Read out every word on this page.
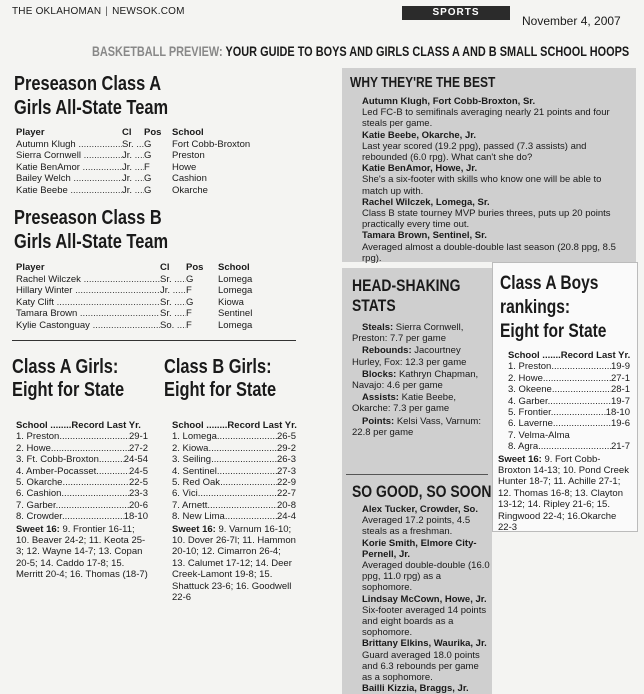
THE OKLAHOMAN | NEWSOK.COM	SPORTS
November 4, 2007
BASKETBALL PREVIEW: YOUR GUIDE TO BOYS AND GIRLS CLASS A AND B SMALL SCHOOL HOOPS
Preseason Class A
Girls All-State Team
Player	Cl	Pos	School
Autumn Klugh .....	Sr. .....	G	Fort Cobb-Broxton
Sierra Cornwell .....	Jr. .....	G	Preston
Katie BenAmor .....	Jr. .....	F	Howe
Bailey Welch .....	Jr. .....	G	Cashion
Katie Beebe .....	Jr. .....	G	Okarche
Preseason Class B
Girls All-State Team
Player	Cl	Pos	School
Rachel Wilczek .....	Sr. .....	G	Lomega
Hillary Winter .....	Jr. .....	F	Lomega
Katy Clift .....	Sr. .....	G	Kiowa
Tamara Brown .....	Sr. .....	F	Sentinel
Kylie Castonguay .....	So. .....	F	Lomega
Class A Girls:
Eight for State
School ........Record Last Yr.
1. Preston .....	29-1
2. Howe .....	27-2
3. Ft. Cobb-Broxton .....	24-54
4. Amber-Pocasset .....	24-5
5. Okarche .....	22-5
6. Cashion .....	23-3
7. Garber .....	20-6
8. Crowder .....	18-10
Sweet 16: 9. Frontier 16-11; 10. Beaver 24-2; 11. Keota 25-3; 12. Wayne 14-7; 13. Copan 20-5; 14. Caddo 17-8; 15. Merritt 20-4; 16. Thomas (18-7)
Class B Girls:
Eight for State
School ........Record Last Yr.
1. Lomega .....	26-5
2. Kiowa .....	29-2
3. Seiling .....	26-3
4. Sentinel .....	27-3
5. Red Oak .....	22-9
6. Vici .....	22-7
7. Arnett .....	20-8
8. New Lima .....	24-4
Sweet 16: 9. Varnum 16-10; 10. Dover 26-7l; 11. Hammon 20-10; 12. Cimarron 26-4; 13. Calumet 17-12; 14. Deer Creek-Lamont 19-8; 15. Shattuck 23-6; 16. Goodwell 22-6
WHY THEY'RE THE BEST
Autumn Klugh, Fort Cobb-Broxton, Sr.
Led FC-B to semifinals averaging nearly 21 points and four steals per game.
Katie Beebe, Okarche, Jr.
Last year scored (19.2 ppg), passed (7.3 assists) and rebounded (6.0 rpg). What can't she do?
Katie BenAmor, Howe, Jr.
She's a six-footer with skills who know one will be able to match up with.
Rachel Wilczek, Lomega, Sr.
Class B state tourney MVP buries threes, puts up 20 points practically every time out.
Tamara Brown, Sentinel, Sr.
Averaged almost a double-double last season (20.8 ppg, 8.5 rpg).
HEAD-SHAKING
STATS
Steals: Sierra Cornwell, Preston: 7.7 per game
Rebounds: Jacourtney Hurley, Fox: 12.3 per game
Blocks: Kathryn Chapman, Navajo: 4.6 per game
Assists: Katie Beebe, Okarche: 7.3 per game
Points: Kelsi Vass, Varnum: 22.8 per game
SO GOOD, SO SOON
Alex Tucker, Crowder, So.
Averaged 17.2 points, 4.5 steals as a freshman.
Korie Smith, Elmore City-Pernell, Jr.
Averaged double-double (16.0 ppg, 11.0 rpg) as a sophomore.
Lindsay McCown, Howe, Jr.
Six-footer averaged 14 points and eight boards as a sophomore.
Brittany Elkins, Waurika, Jr.
Guard averaged 18.0 points and 6.3 rebounds per game as a sophomore.
Bailli Kizzia, Braggs, Jr.
Class A Boys
rankings:
Eight for State
School .......Record Last Yr.
1. Preston .....	19-9
2. Howe .....	27-1
3. Okeene .....	28-1
4. Garber .....	19-7
5. Frontier .....	18-10
6. Laverne .....	19-6
7. Velma-Alma
8. Agra .....	21-7
Sweet 16: 9. Fort Cobb-Broxton 14-13; 10. Pond Creek Hunter 18-7; 11. Achille 27-1; 12. Thomas 16-8; 13. Clayton 13-12; 14. Ripley 21-6; 15. Ringwood 22-4; 16.Okarche 22-3
